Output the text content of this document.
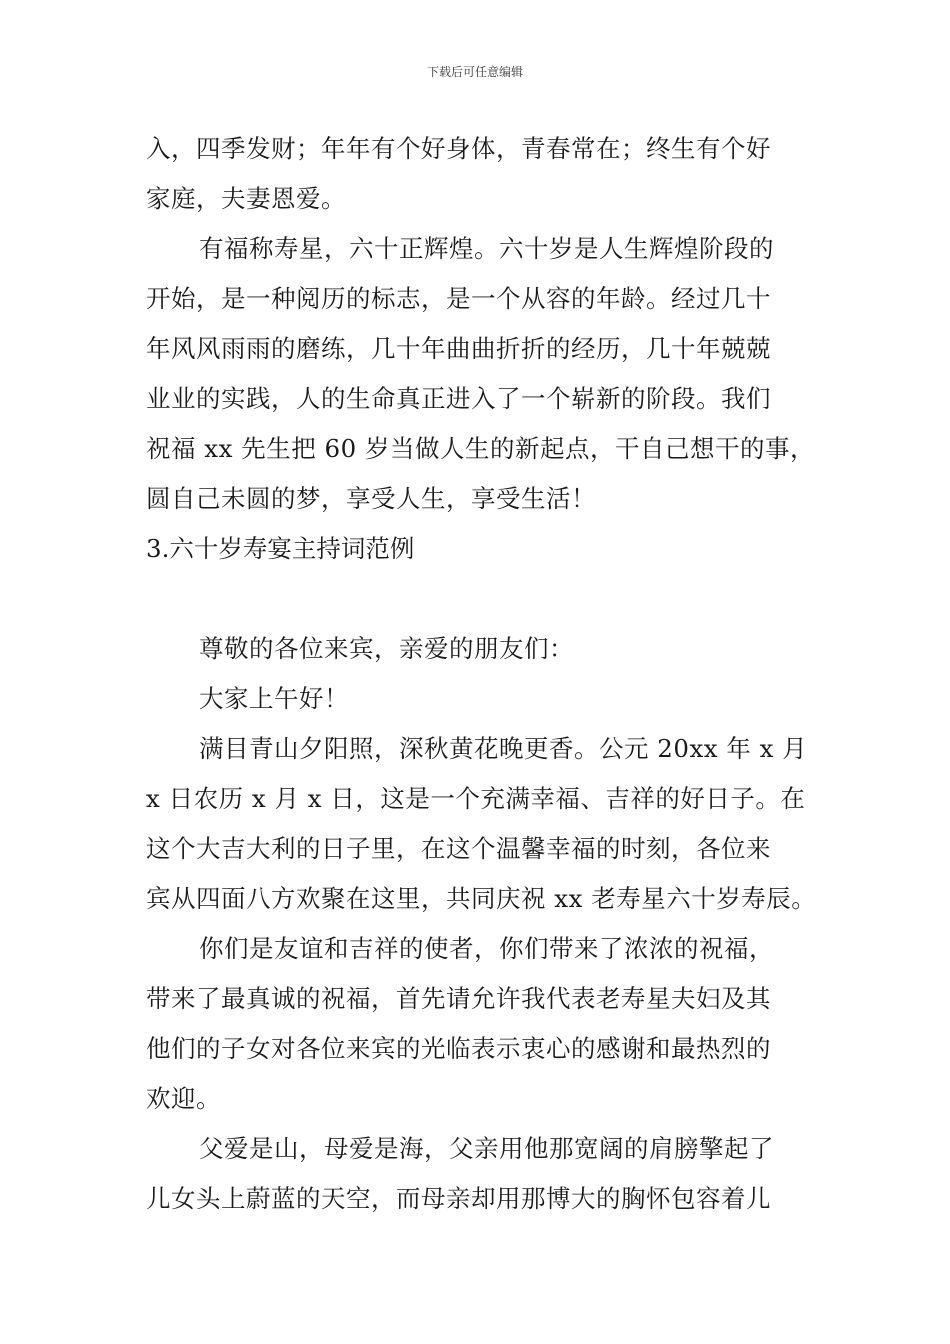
下载后可任意编辑
入，四季发财；年年有个好身体，青春常在；终生有个好
家庭，夫妻恩爱。
有福称寿星，六十正辉煌。六十岁是人生辉煌阶段的
开始，是一种阅历的标志，是一个从容的年龄。经过几十
年风风雨雨的磨练，几十年曲曲折折的经历，几十年兢兢
业业的实践，人的生命真正进入了一个崭新的阶段。我们
祝福 xx 先生把 60 岁当做人生的新起点，干自己想干的事，
圆自己未圆的梦，享受人生，享受生活！
3.六十岁寿宴主持词范例
尊敬的各位来宾，亲爱的朋友们：
大家上午好！
满目青山夕阳照，深秋黄花晚更香。公元 20xx 年 x 月
x 日农历 x 月 x 日，这是一个充满幸福、吉祥的好日子。在
这个大吉大利的日子里，在这个温馨幸福的时刻，各位来
宾从四面八方欢聚在这里，共同庆祝 xx 老寿星六十岁寿辰。
你们是友谊和吉祥的使者，你们带来了浓浓的祝福，
带来了最真诚的祝福，首先请允许我代表老寿星夫妇及其
他们的子女对各位来宾的光临表示衷心的感谢和最热烈的
欢迎。
父爱是山，母爱是海，父亲用他那宽阔的肩膀擎起了
儿女头上蔚蓝的天空，而母亲却用那博大的胸怀包容着儿
